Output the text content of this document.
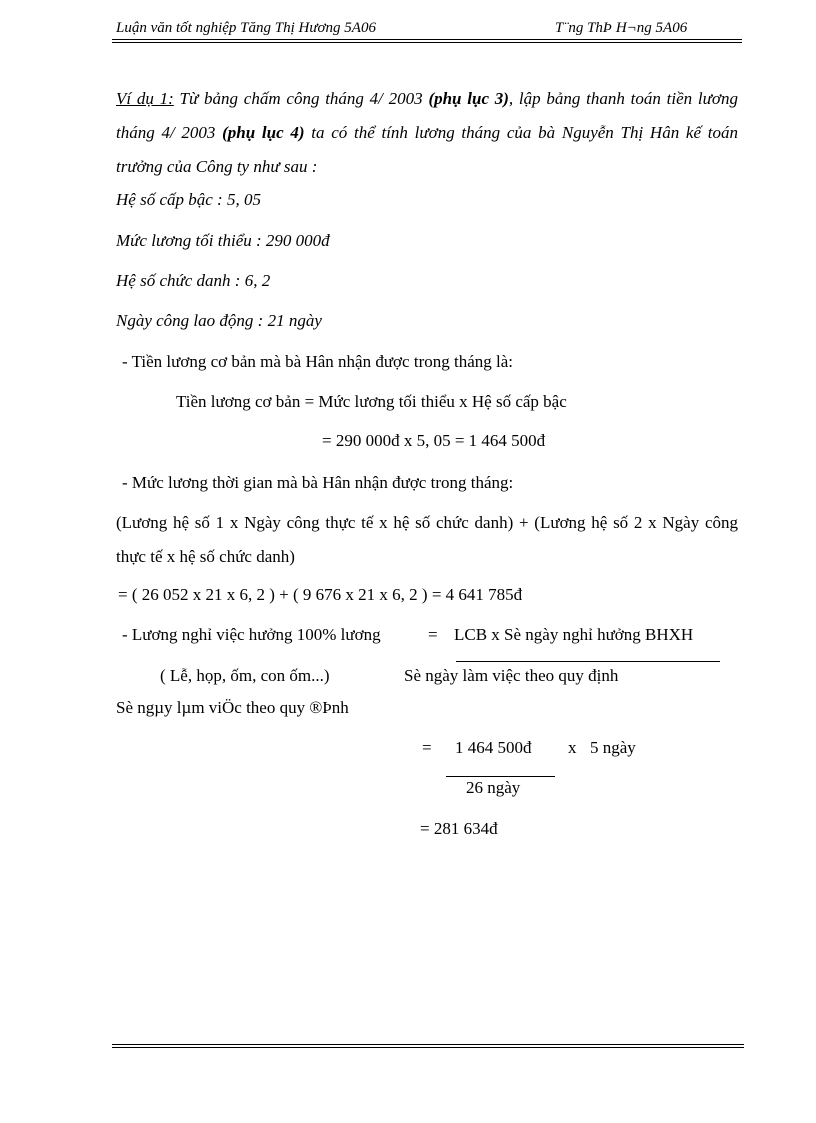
Luận văn tốt nghiệp Tăng Thị Hương 5A06	T¨ng ThÞ H¬ng 5A06
Ví dụ 1: Từ bảng chấm công tháng 4/ 2003 (phụ lục 3), lập bảng thanh toán tiền lương tháng 4/ 2003 (phụ lục 4) ta có thể tính lương tháng của bà Nguyễn Thị Hân kế toán trưởng của Công ty như sau :
Hệ số cấp bậc : 5, 05
Mức lương tối thiểu : 290 000đ
Hệ số chức danh : 6, 2
Ngày công lao động : 21 ngày
- Tiền lương cơ bản mà bà Hân nhận được trong tháng là:
Tiền lương cơ bản = Mức lương tối thiểu x Hệ số cấp bậc
= 290 000đ x 5, 05 = 1 464 500đ
- Mức lương thời gian mà bà Hân nhận được trong tháng:
(Lương hệ số 1 x Ngày công thực tế x hệ số chức danh) + (Lương hệ số 2 x Ngày công thực tế x hệ số chức danh)
= ( 26 052 x 21 x 6, 2 ) + ( 9 676 x 21 x 6, 2 ) = 4 641 785đ
- Lương nghỉ việc hưởng 100% lương	= LCB x Sè ngày nghỉ hưởng BHXH
( Lễ, họp, ốm, con ốm...)	Sè ngày làm việc theo quy định
Sè ngµy lµm viÖc theo quy ®Þnh
= 1 464 500đ x 5 ngày
26 ngày
= 281 634đ
